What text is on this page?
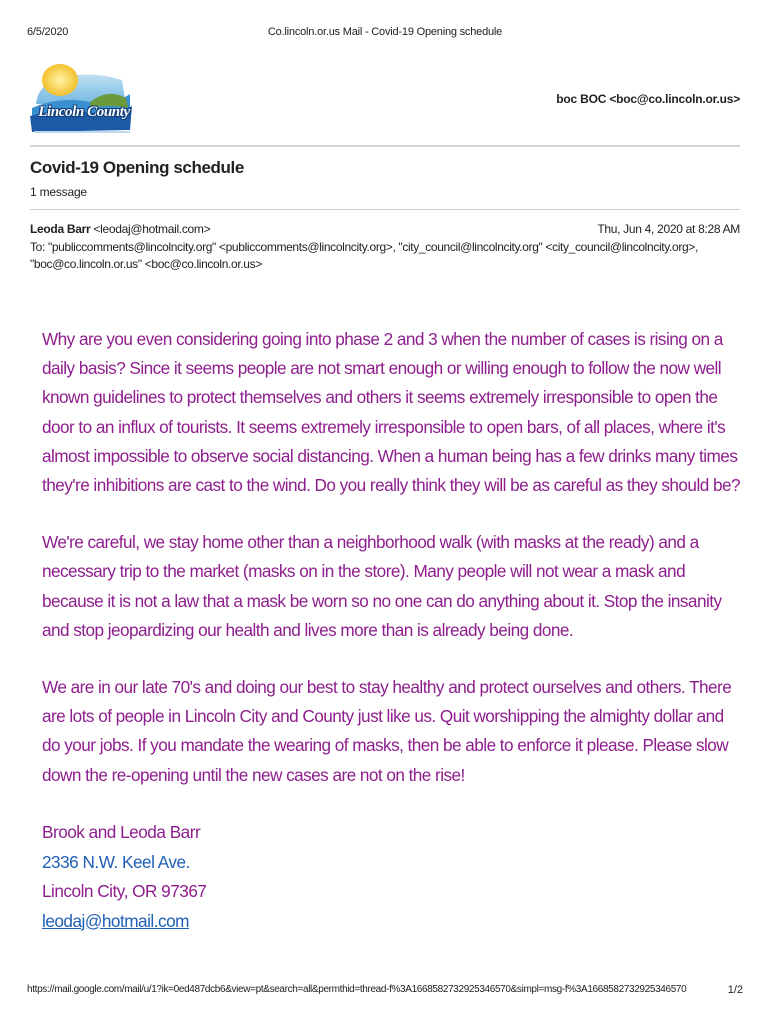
6/5/2020	Co.lincoln.or.us Mail - Covid-19 Opening schedule
Lincoln County
boc BOC <boc@co.lincoln.or.us>
Covid-19 Opening schedule
1 message
Leoda Barr <leodaj@hotmail.com>	Thu, Jun 4, 2020 at 8:28 AM
To: "publiccomments@lincolncity.org" <publiccomments@lincolncity.org>, "city_council@lincolncity.org" <city_council@lincolncity.org>, "boc@co.lincoln.or.us" <boc@co.lincoln.or.us>

Why are you even considering going into phase 2 and 3 when the number of cases is rising on a daily basis? Since it seems people are not smart enough or willing enough to follow the now well known guidelines to protect themselves and others it seems extremely irresponsible to open the door to an influx of tourists. It seems extremely irresponsible to open bars, of all places, where it's almost impossible to observe social distancing. When a human being has a few drinks many times they're inhibitions are cast to the wind. Do you really think they will be as careful as they should be?

We're careful, we stay home other than a neighborhood walk (with masks at the ready) and a necessary trip to the market (masks on in the store). Many people will not wear a mask and because it is not a law that a mask be worn so no one can do anything about it. Stop the insanity and stop jeopardizing our health and lives more than is already being done.

We are in our late 70's and doing our best to stay healthy and protect ourselves and others. There are lots of people in Lincoln City and County just like us. Quit worshipping the almighty dollar and do your jobs. If you mandate the wearing of masks, then be able to enforce it please. Please slow down the re-opening until the new cases are not on the rise!

Brook and Leoda Barr
2336 N.W. Keel Ave.
Lincoln City, OR 97367
leodaj@hotmail.com
https://mail.google.com/mail/u/1?ik=0ed487dcb6&view=pt&search=all&permthid=thread-f%3A1668582732925346570&simpl=msg-f%3A1668582732925346570	1/2
